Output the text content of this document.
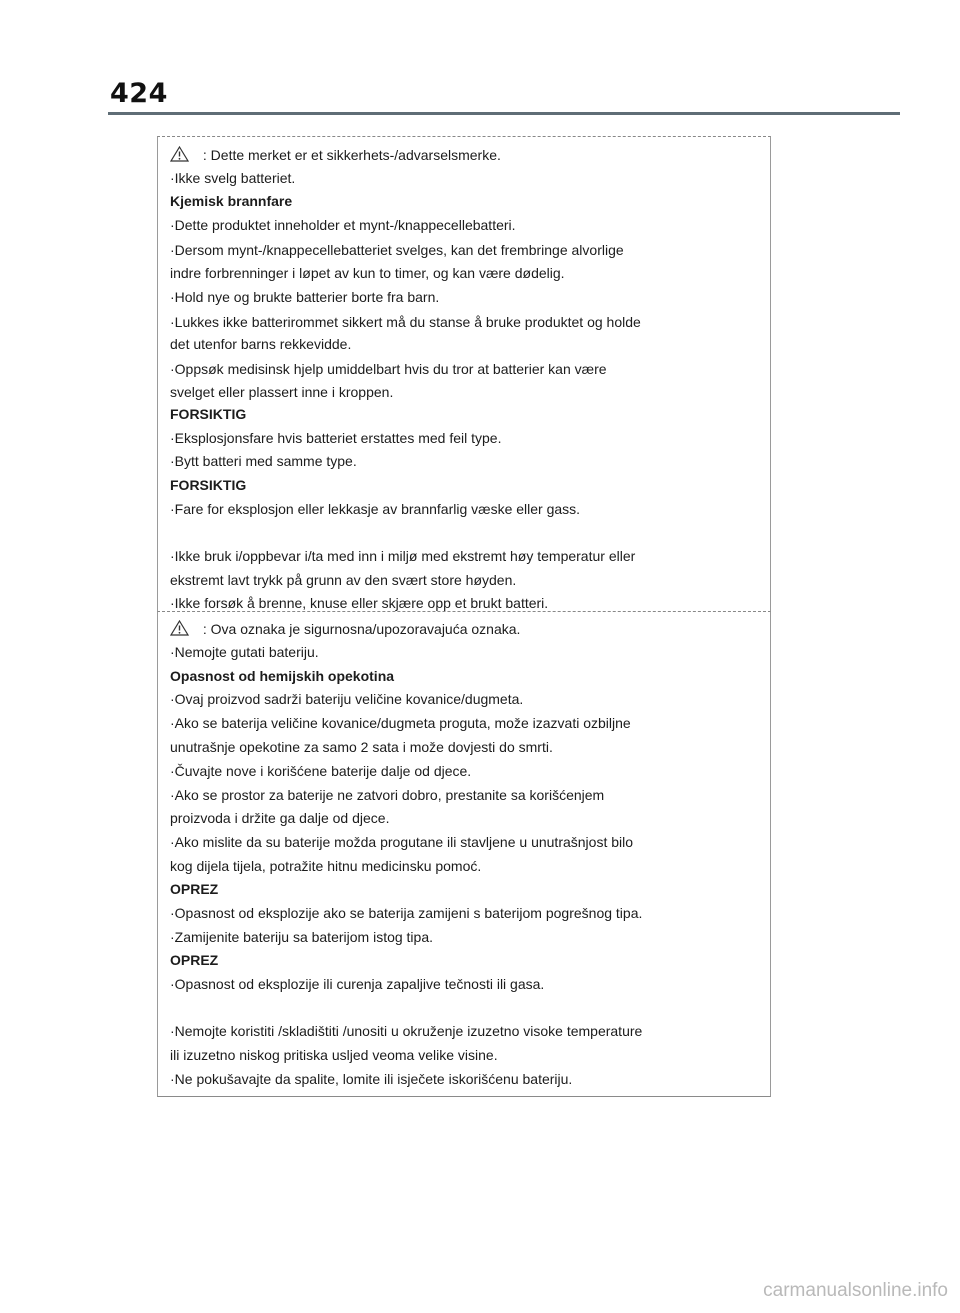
424
: Dette merket er et sikkerhets-/advarselsmerke.
·Ikke svelg batteriet.
Kjemisk brannfare
·Dette produktet inneholder et mynt-/knappecellebatteri.
·Dersom mynt-/knappecellebatteriet svelges, kan det frembringe alvorlige
indre forbrenninger i løpet av kun to timer, og kan være dødelig.
·Hold nye og brukte batterier borte fra barn.
·Lukkes ikke batterirommet sikkert må du stanse å bruke produktet og holde
det utenfor barns rekkevidde.
·Oppsøk medisinsk hjelp umiddelbart hvis du tror at batterier kan være
svelget eller plassert inne i kroppen.
FORSIKTIG
·Eksplosjonsfare hvis batteriet erstattes med feil type.
·Bytt batteri med samme type.
FORSIKTIG
·Fare for eksplosjon eller lekkasje av brannfarlig væske eller gass.
·Ikke bruk i/oppbevar i/ta med inn i miljø med ekstremt høy temperatur eller
ekstremt lavt trykk på grunn av den svært store høyden.
·Ikke forsøk å brenne, knuse eller skjære opp et brukt batteri.
: Ova oznaka je sigurnosna/upozoravajuća oznaka.
·Nemojte gutati bateriju.
Opasnost od hemijskih opekotina
·Ovaj proizvod sadrži bateriju veličine kovanice/dugmeta.
·Ako se baterija veličine kovanice/dugmeta proguta, može izazvati ozbiljne
unutrašnje opekotine za samo 2 sata i može dovjesti do smrti.
·Čuvajte nove i korišćene baterije dalje od djece.
·Ako se prostor za baterije ne zatvori dobro, prestanite sa korišćenjem
proizvoda i držite ga dalje od djece.
·Ako mislite da su baterije možda progutane ili stavljene u unutrašnjost bilo
kog dijela tijela, potražite hitnu medicinsku pomoć.
OPREZ
·Opasnost od eksplozije ako se baterija zamijeni s baterijom pogrešnog tipa.
·Zamijenite bateriju sa baterijom istog tipa.
OPREZ
·Opasnost od eksplozije ili curenja zapaljive tečnosti ili gasa.
·Nemojte koristiti /skladištiti /unositi u okruženje izuzetno visoke temperature
ili izuzetno niskog pritiska usljed veoma velike visine.
·Ne pokušavajte da spalite, lomite ili isječete iskorišćenu bateriju.
carmanualsonline.info
